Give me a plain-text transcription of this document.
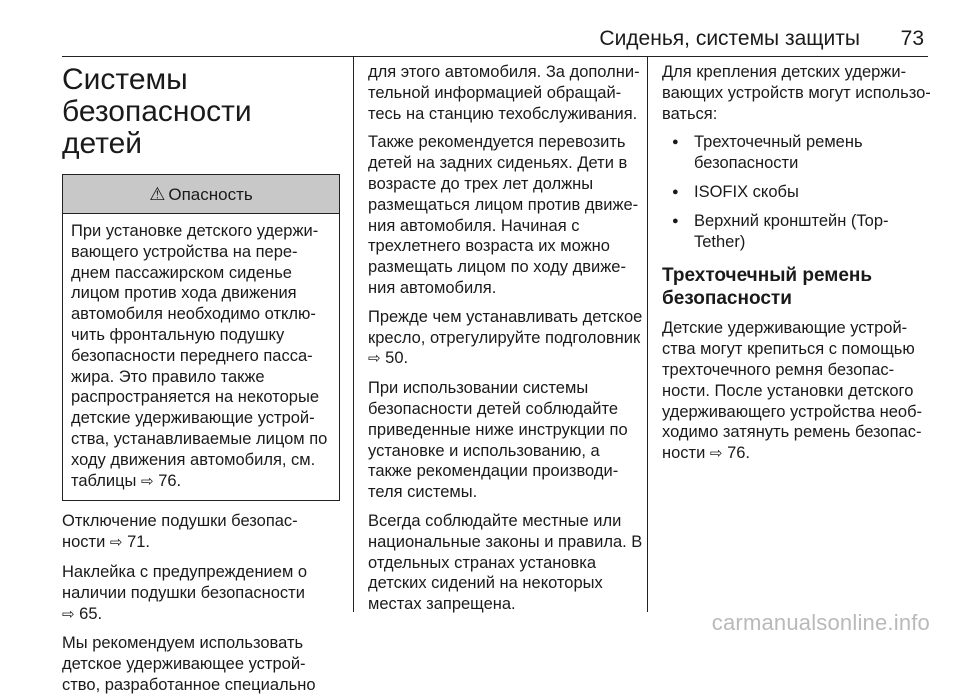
Сиденья, системы защиты 73
Системы
безопасности детей
⚠ Опасность
При установке детского удержи-вающего устройства на пере-днем пассажирском сиденье лицом против хода движения автомобиля необходимо отклю-чить фронтальную подушку безопасности переднего пасса-жира. Это правило также распространяется на некоторые детские удерживающие устрой-ства, устанавливаемые лицом по ходу движения автомобиля, см. таблицы ⇨ 76.

Отключение подушки безопас-ности ⇨ 71.

Наклейка с предупреждением о наличии подушки безопасности
⇨ 65.

Мы рекомендуем использовать детское удерживающее устрой-ство, разработанное специально

для этого автомобиля. За дополни-тельной информацией обращай-тесь на станцию техобслуживания.

Также рекомендуется перевозить детей на задних сиденьях. Дети в возрасте до трех лет должны размещаться лицом против движе-ния автомобиля. Начиная с трехлетнего возраста их можно размещать лицом по ходу движе-ния автомобиля.

Прежде чем устанавливать детское кресло, отрегулируйте подголовник ⇨ 50.

При использовании системы безопасности детей соблюдайте приведенные ниже инструкции по установке и использованию, а также рекомендации производи-теля системы.

Всегда соблюдайте местные или национальные законы и правила. В отдельных странах установка детских сидений на некоторых местах запрещена.

Для крепления детских удержи-вающих устройств могут использо-ваться:

● Трехточечный ремень безопасности
● ISOFIX скобы
● Верхний кронштейн (Top-Tether)
Трехточечный ремень безопасности

Детские удерживающие устрой-ства могут крепиться с помощью трехточечного ремня безопас-ности. После установки детского удерживающего устройства необ-ходимо затянуть ремень безопас-ности ⇨ 76.

carmanualsonline.info
